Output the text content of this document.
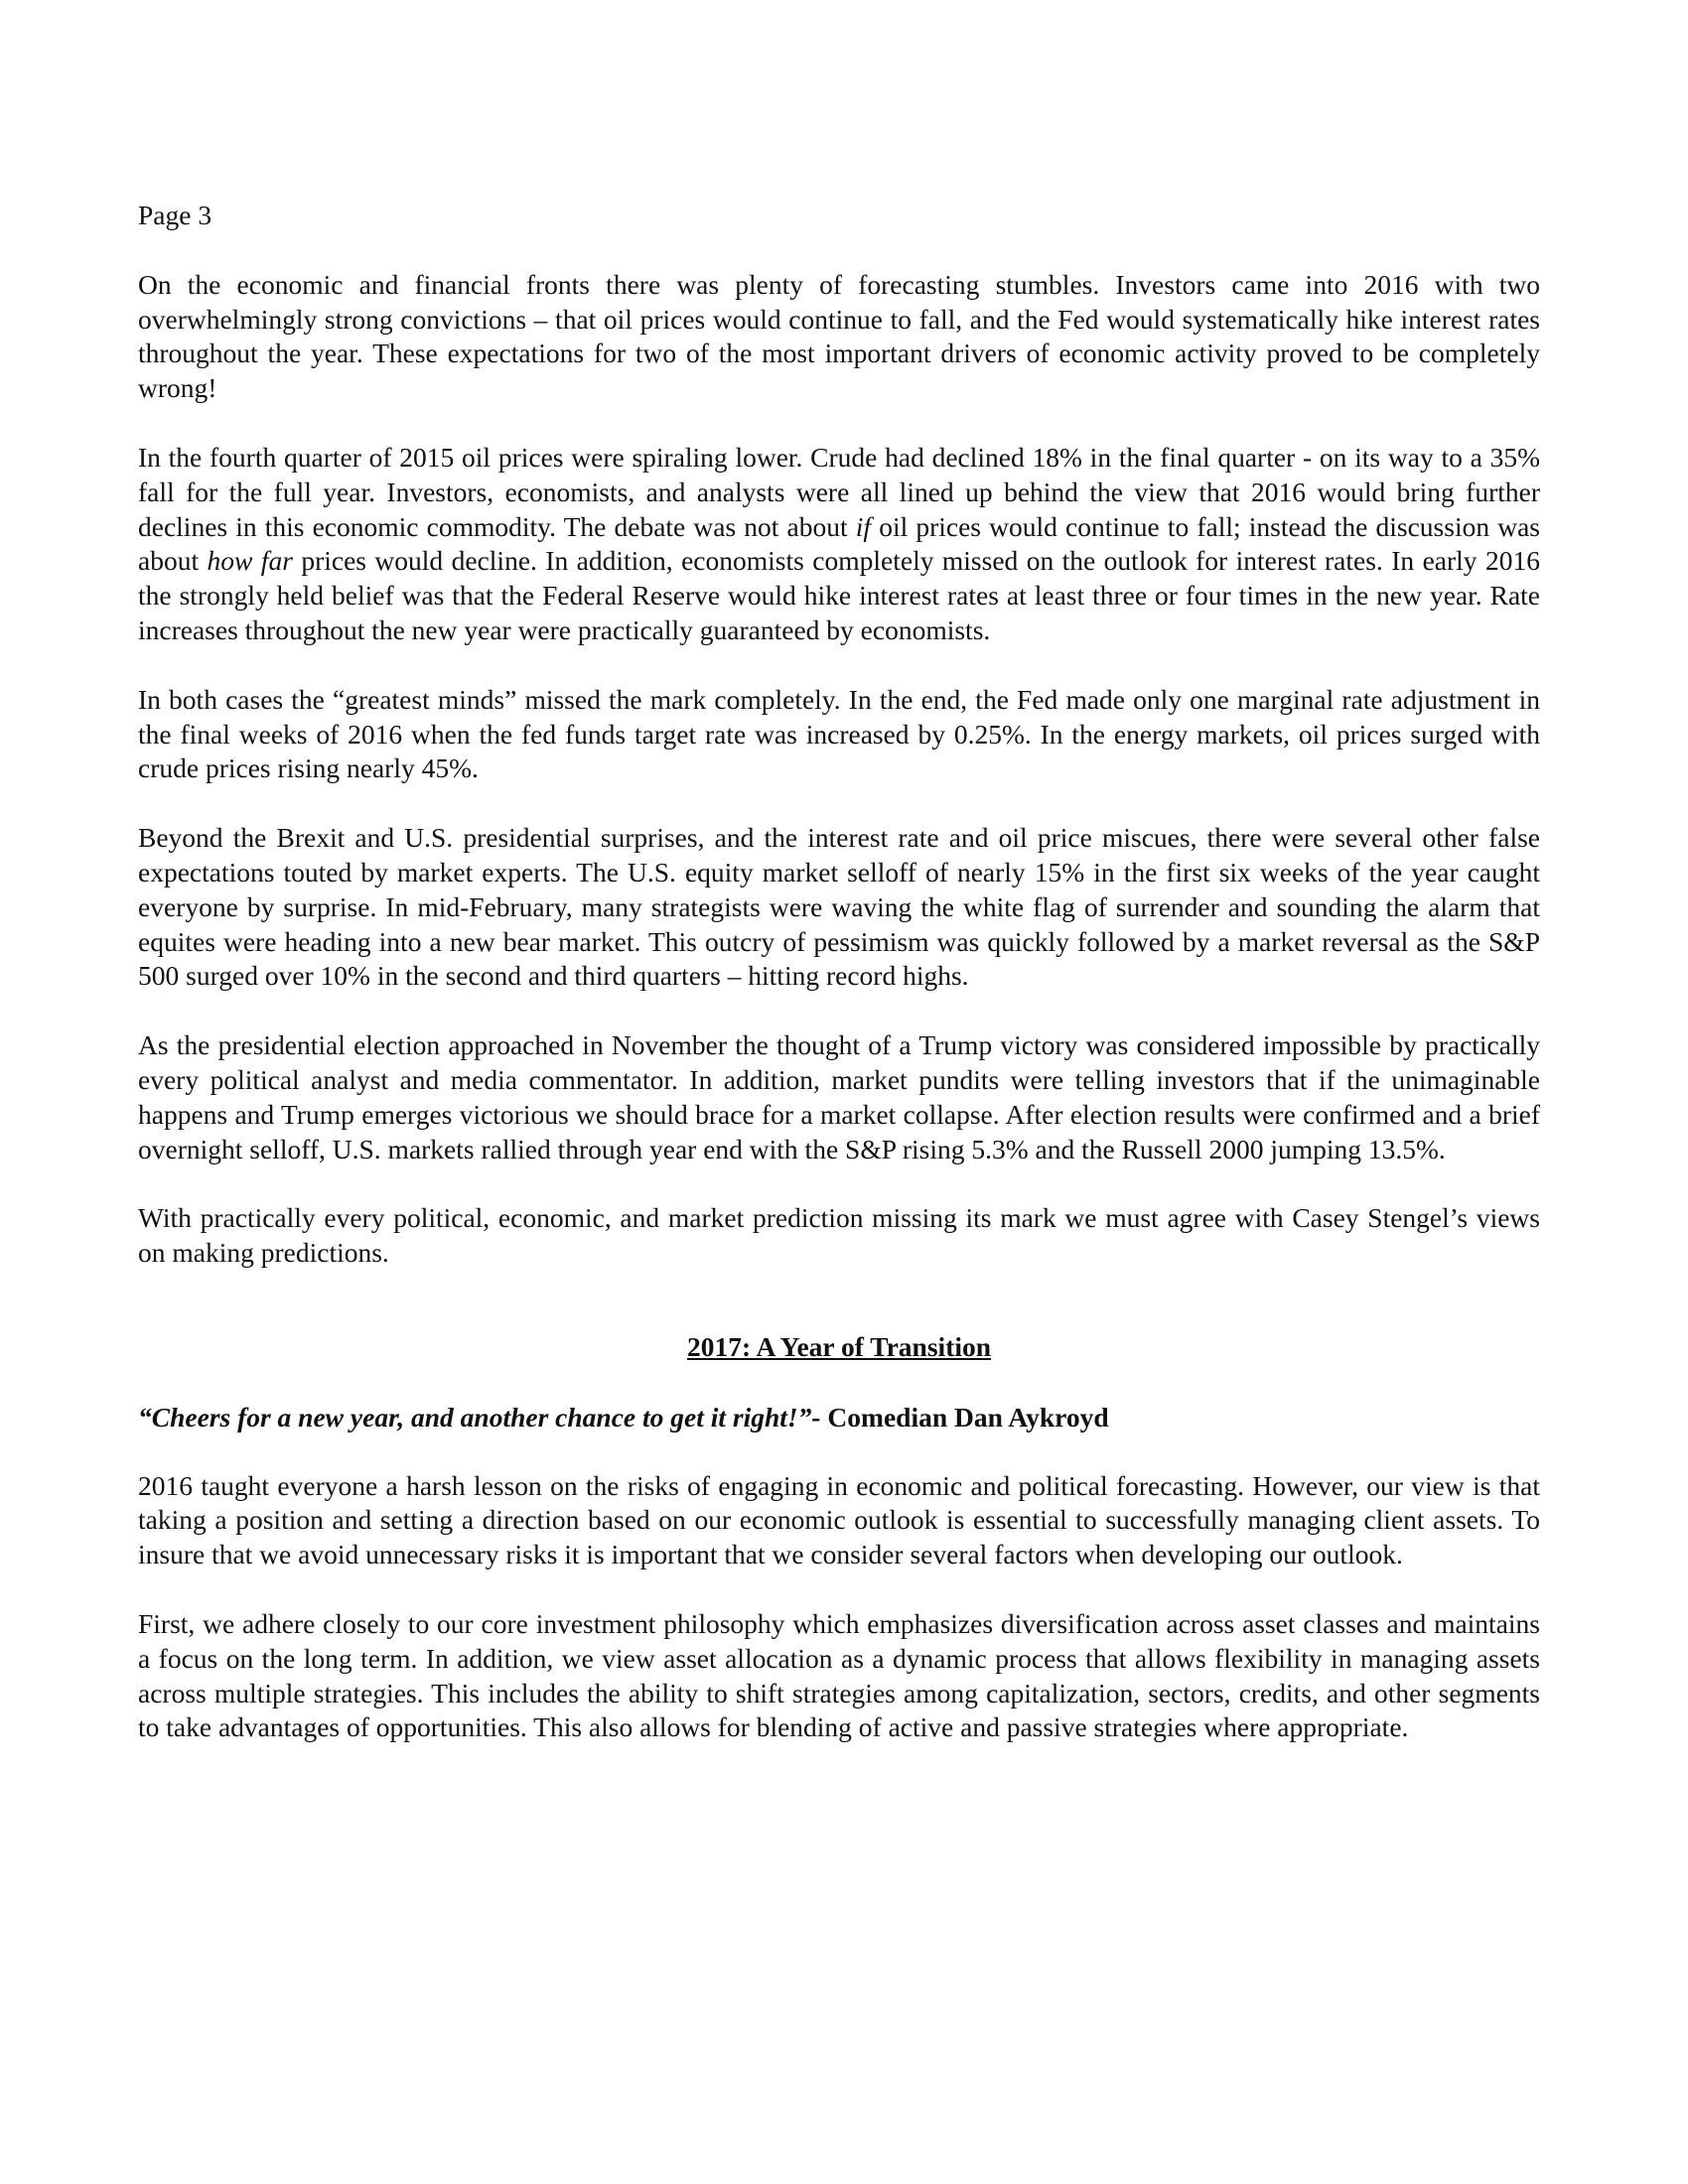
Page 3

On the economic and financial fronts there was plenty of forecasting stumbles. Investors came into 2016 with two overwhelmingly strong convictions – that oil prices would continue to fall, and the Fed would systematically hike interest rates throughout the year. These expectations for two of the most important drivers of economic activity proved to be completely wrong!

In the fourth quarter of 2015 oil prices were spiraling lower. Crude had declined 18% in the final quarter - on its way to a 35% fall for the full year. Investors, economists, and analysts were all lined up behind the view that 2016 would bring further declines in this economic commodity. The debate was not about if oil prices would continue to fall; instead the discussion was about how far prices would decline. In addition, economists completely missed on the outlook for interest rates. In early 2016 the strongly held belief was that the Federal Reserve would hike interest rates at least three or four times in the new year. Rate increases throughout the new year were practically guaranteed by economists.

In both cases the “greatest minds” missed the mark completely. In the end, the Fed made only one marginal rate adjustment in the final weeks of 2016 when the fed funds target rate was increased by 0.25%. In the energy markets, oil prices surged with crude prices rising nearly 45%.

Beyond the Brexit and U.S. presidential surprises, and the interest rate and oil price miscues, there were several other false expectations touted by market experts. The U.S. equity market selloff of nearly 15% in the first six weeks of the year caught everyone by surprise. In mid-February, many strategists were waving the white flag of surrender and sounding the alarm that equites were heading into a new bear market. This outcry of pessimism was quickly followed by a market reversal as the S&P 500 surged over 10% in the second and third quarters – hitting record highs.

As the presidential election approached in November the thought of a Trump victory was considered impossible by practically every political analyst and media commentator. In addition, market pundits were telling investors that if the unimaginable happens and Trump emerges victorious we should brace for a market collapse. After election results were confirmed and a brief overnight selloff, U.S. markets rallied through year end with the S&P rising 5.3% and the Russell 2000 jumping 13.5%.

With practically every political, economic, and market prediction missing its mark we must agree with Casey Stengel’s views on making predictions.

2017: A Year of Transition
“Cheers for a new year, and another chance to get it right!”- Comedian Dan Aykroyd

2016 taught everyone a harsh lesson on the risks of engaging in economic and political forecasting. However, our view is that taking a position and setting a direction based on our economic outlook is essential to successfully managing client assets. To insure that we avoid unnecessary risks it is important that we consider several factors when developing our outlook.

First, we adhere closely to our core investment philosophy which emphasizes diversification across asset classes and maintains a focus on the long term. In addition, we view asset allocation as a dynamic process that allows flexibility in managing assets across multiple strategies. This includes the ability to shift strategies among capitalization, sectors, credits, and other segments to take advantages of opportunities. This also allows for blending of active and passive strategies where appropriate.
